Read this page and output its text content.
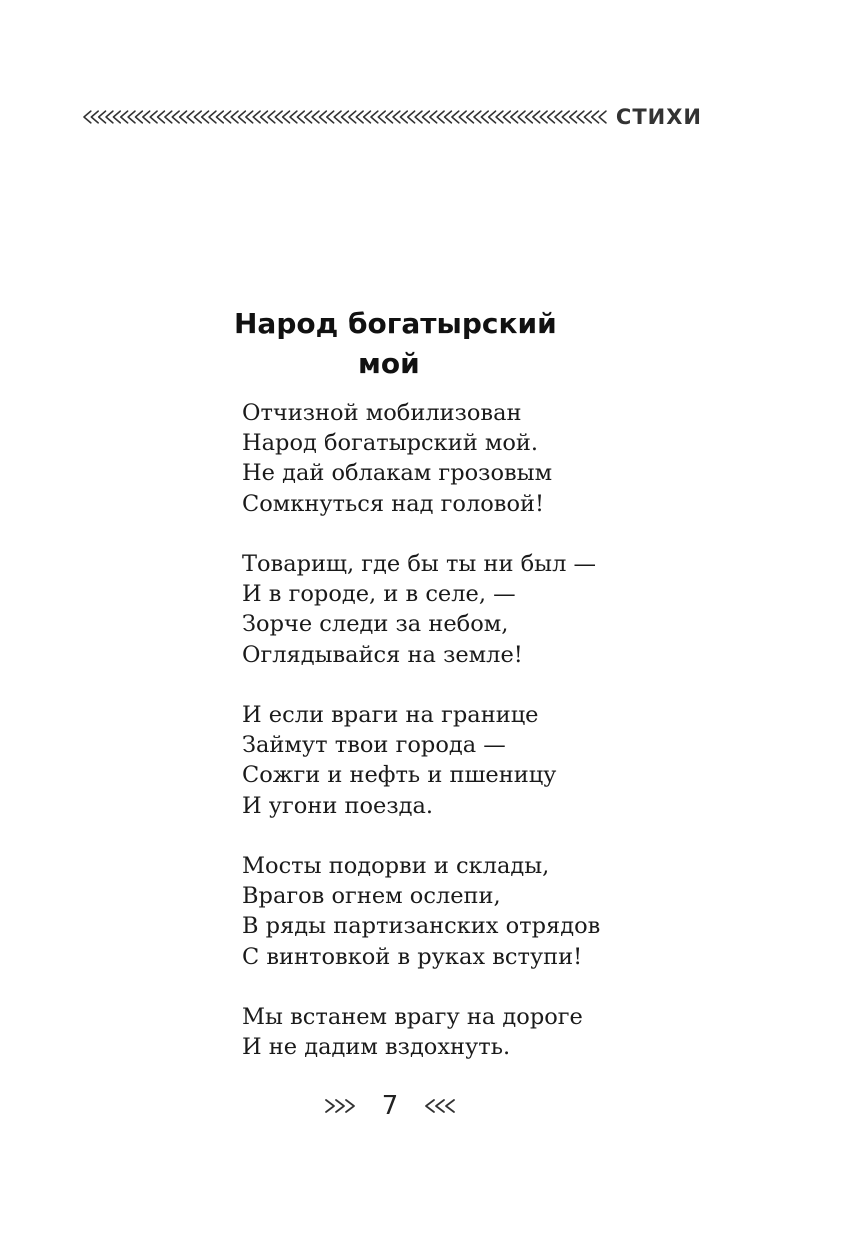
СТИХИ
Народ богатырский
мой

Отчизной мобилизован
Народ богатырский мой.
Не дай облакам грозовым
Сомкнуться над головой!

Товарищ, где бы ты ни был —
И в городе, и в селе, —
Зорче следи за небом,
Оглядывайся на земле!

И если враги на границе
Займут твои города —
Сожги и нефть и пшеницу
И угони поезда.

Мосты подорви и склады,
Врагов огнем ослепи,
В ряды партизанских отрядов
С винтовкой в руках вступи!

Мы встанем врагу на дороге
И не дадим вздохнуть.

7
